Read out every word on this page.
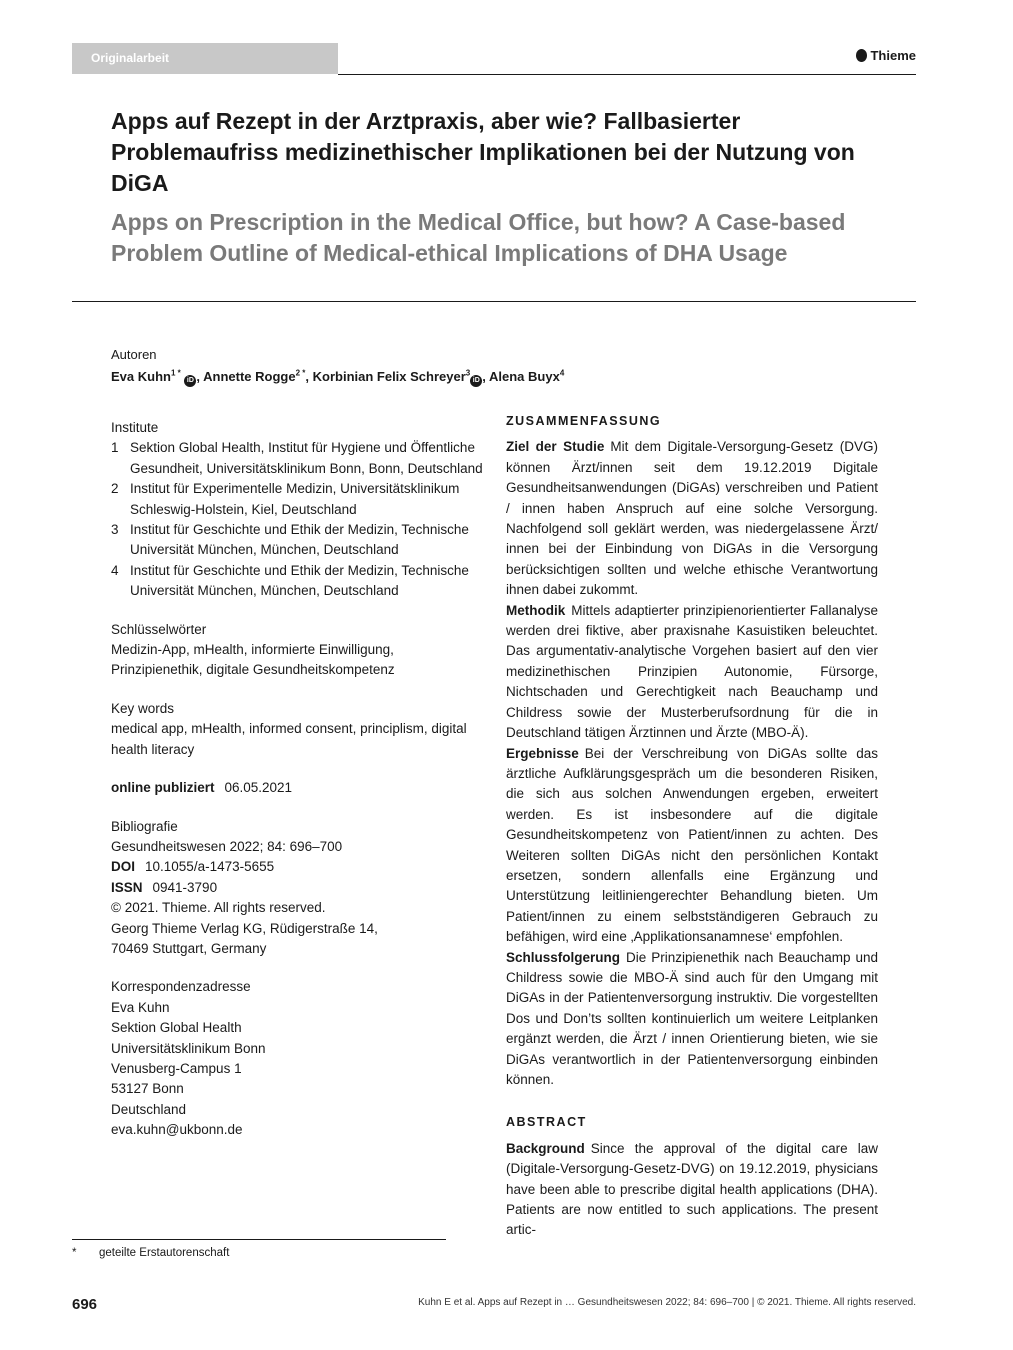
Originalarbeit	Thieme
Apps auf Rezept in der Arztpraxis, aber wie? Fallbasierter Problemaufriss medizinethischer Implikationen bei der Nutzung von DiGA
Apps on Prescription in the Medical Office, but how? A Case-based Problem Outline of Medical-ethical Implications of DHA Usage
Autoren
Eva Kuhn$^{1 *}$ iD , Annette Rogge$^{2 *}$, Korbinian Felix Schreyer$^3$iD , Alena Buyx$^4$
Institute
1 Sektion Global Health, Institut für Hygiene und Öffentliche Gesundheit, Universitätsklinikum Bonn, Bonn, Deutschland
2 Institut für Experimentelle Medizin, Universitätsklinikum Schleswig-Holstein, Kiel, Deutschland
3 Institut für Geschichte und Ethik der Medizin, Technische Universität München, München, Deutschland
4 Institut für Geschichte und Ethik der Medizin, Technische Universität München, München, Deutschland
Schlüsselwörter
Medizin-App, mHealth, informierte Einwilligung, Prinzipienethik, digitale Gesundheitskompetenz
Key words
medical app, mHealth, informed consent, principlism, digital health literacy
online publiziert 06.05.2021
Bibliografie
Gesundheitswesen 2022; 84: 696–700
DOI 10.1055/a-1473-5655
ISSN 0941-3790
© 2021. Thieme. All rights reserved.
Georg Thieme Verlag KG, Rüdigerstraße 14,
70469 Stuttgart, Germany
Korrespondenzadresse
Eva Kuhn
Sektion Global Health
Universitätsklinikum Bonn
Venusberg-Campus 1
53127 Bonn
Deutschland
eva.kuhn@ukbonn.de
ZUSAMMENFASSUNG

Ziel der Studie Mit dem Digitale-Versorgung-Gesetz (DVG) können Ärzt/innen seit dem 19.12.2019 Digitale Gesundheitsanwendungen (DiGAs) verschreiben und Patient / innen haben Anspruch auf eine solche Versorgung. Nachfolgend soll geklärt werden, was niedergelassene Ärzt/ innen bei der Einbindung von DiGAs in die Versorgung berücksichtigen sollten und welche ethische Verantwortung ihnen dabei zukommt.

Methodik Mittels adaptierter prinzipienorientierter Fallanalyse werden drei fiktive, aber praxisnahe Kasuistiken beleuchtet. Das argumentativ-analytische Vorgehen basiert auf den vier medizinethischen Prinzipien Autonomie, Fürsorge, Nichtschaden und Gerechtigkeit nach Beauchamp und Childress sowie der Musterberufsordnung für die in Deutschland tätigen Ärztinnen und Ärzte (MBO-Ä).

Ergebnisse Bei der Verschreibung von DiGAs sollte das ärztliche Aufklärungsgespräch um die besonderen Risiken, die sich aus solchen Anwendungen ergeben, erweitert werden. Es ist insbesondere auf die digitale Gesundheitskompetenz von Patient/innen zu achten. Des Weiteren sollten DiGAs nicht den persönlichen Kontakt ersetzen, sondern allenfalls eine Ergänzung und Unterstützung leitliniengerechter Behandlung bieten. Um Patient/innen zu einem selbstständigeren Gebrauch zu befähigen, wird eine ‚Applikationsanamnese‘ empfohlen.

Schlussfolgerung Die Prinzipienethik nach Beauchamp und Childress sowie die MBO-Ä sind auch für den Umgang mit DiGAs in der Patientenversorgung instruktiv. Die vorgestellten Dos und Don’ts sollten kontinuierlich um weitere Leitplanken ergänzt werden, die Ärzt / innen Orientierung bieten, wie sie DiGAs verantwortlich in der Patientenversorgung einbinden können.

ABSTRACT

Background Since the approval of the digital care law (Digitale-Versorgung-Gesetz-DVG) on 19.12.2019, physicians have been able to prescribe digital health applications (DHA). Patients are now entitled to such applications. The present artic-

* geteilte Erstautorenschaft
696	Kuhn E et al. Apps auf Rezept in … Gesundheitswesen 2022; 84: 696–700 | © 2021. Thieme. All rights reserved.
